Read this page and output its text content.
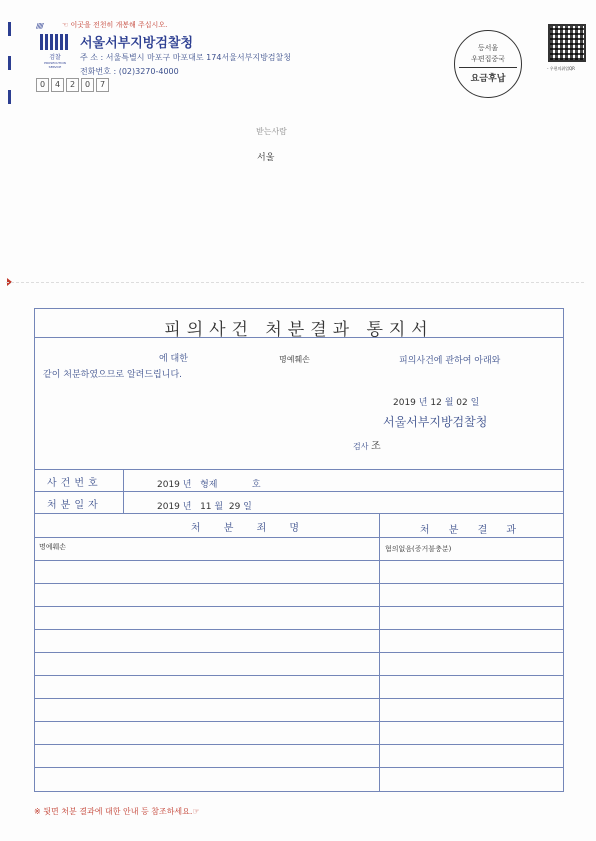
/////	☜ 이곳을 전천히 개봉해 주십시오.
검찰
PROSECUTION SERVICE
서울서부지방검찰청
주 소 : 서울특별시 마포구 마포대로 174서울서부지방검찰청
전화번호 : (02)3270-4000
0	4	2	0	7
등서울
우편집중국
요금후납
- 우편의취업QR
받는사람
서울
피의사건 처분결과 통지서
에 대한	명예훼손	피의사건에 관하여 아래와
같이 처분하였으므로 알려드립니다.
2019 년 12 월 02 일
서울서부지방검찰청
검사 조
사건번호	2019 년 형제	호
처분일자	2019 년 11 월 29 일
처 분 죄 명	처 분 결 과
명예훼손	혐의없음(증거불충분)
※ 뒷면 처분 결과에 대한 안내 등 참조하세요.☞
